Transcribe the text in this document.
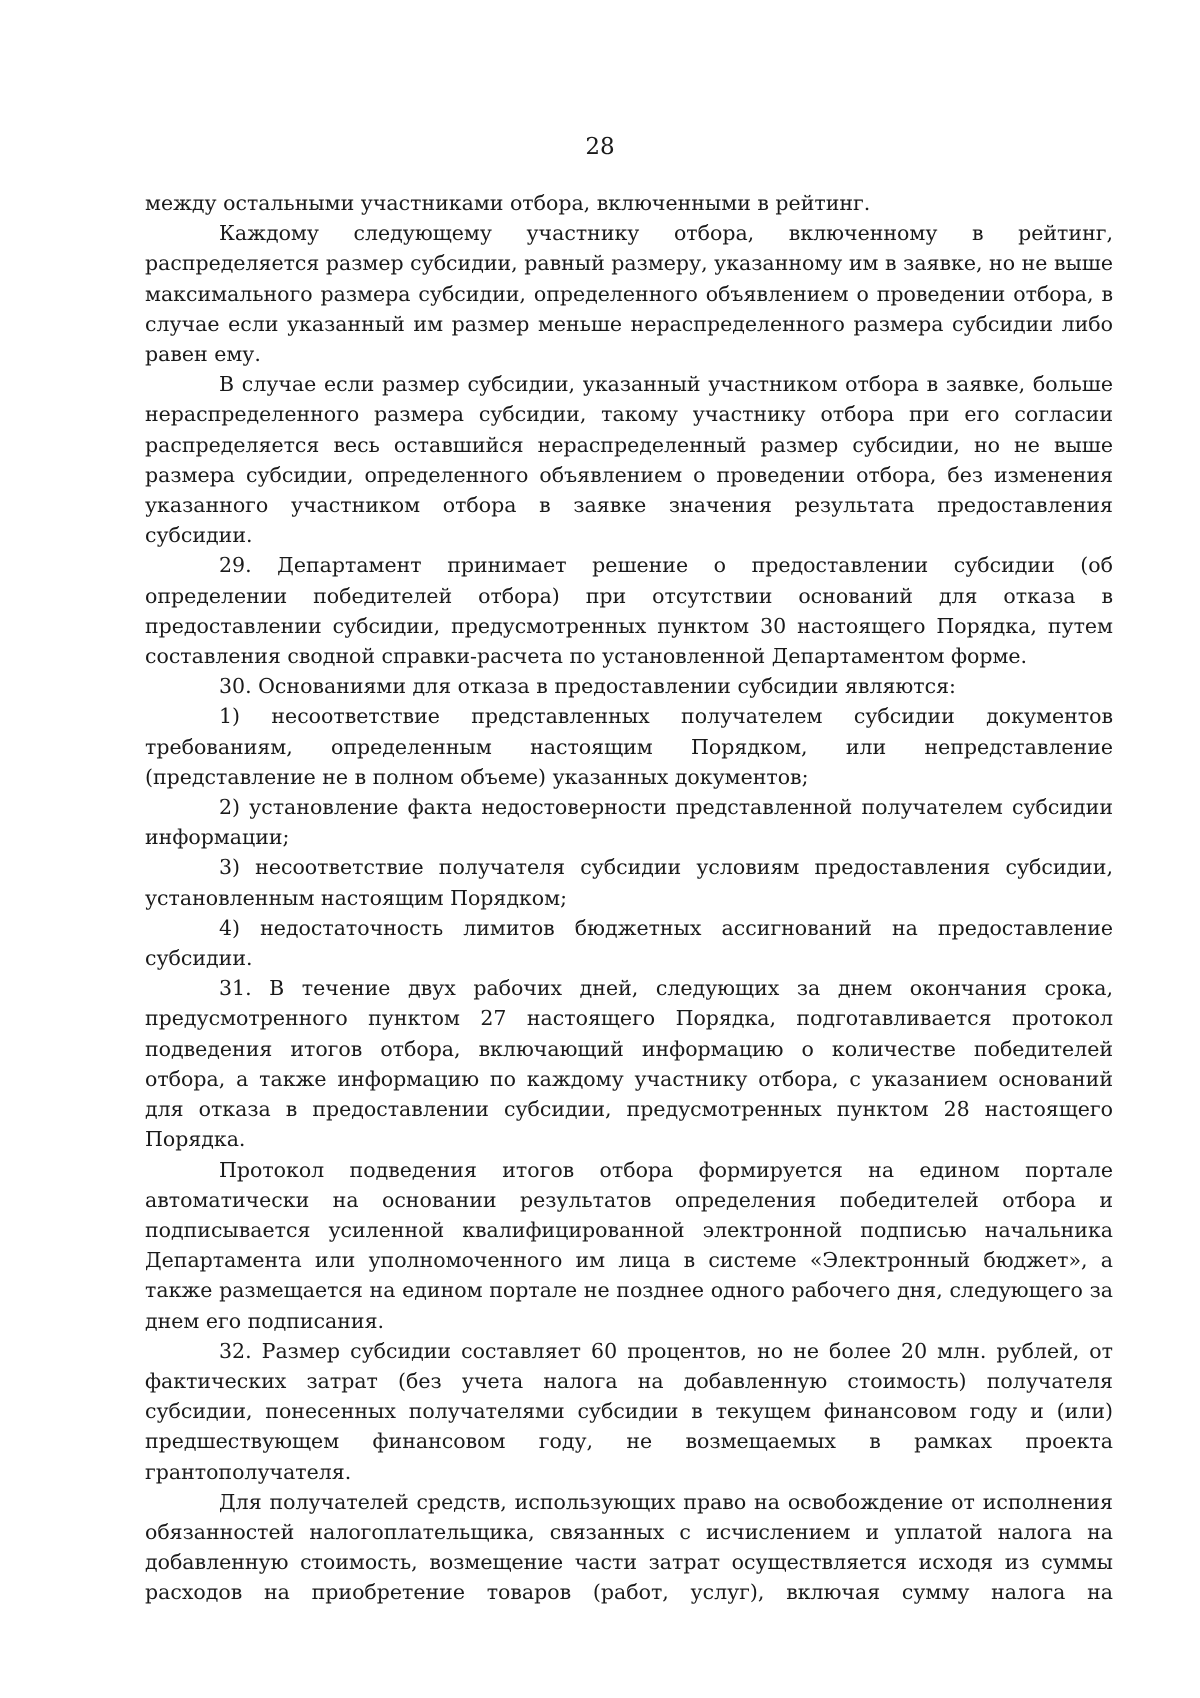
28

между остальными участниками отбора, включенными в рейтинг.

Каждому следующему участнику отбора, включенному в рейтинг, распределяется размер субсидии, равный размеру, указанному им в заявке, но не выше максимального размера субсидии, определенного объявлением о проведении отбора, в случае если указанный им размер меньше нераспределенного размера субсидии либо равен ему.

В случае если размер субсидии, указанный участником отбора в заявке, больше нераспределенного размера субсидии, такому участнику отбора при его согласии распределяется весь оставшийся нераспределенный размер субсидии, но не выше размера субсидии, определенного объявлением о проведении отбора, без изменения указанного участником отбора в заявке значения результата предоставления субсидии.

29. Департамент принимает решение о предоставлении субсидии (об определении победителей отбора) при отсутствии оснований для отказа в предоставлении субсидии, предусмотренных пунктом 30 настоящего Порядка, путем составления сводной справки-расчета по установленной Департаментом форме.

30. Основаниями для отказа в предоставлении субсидии являются:

1) несоответствие представленных получателем субсидии документов требованиям, определенным настоящим Порядком, или непредставление (представление не в полном объеме) указанных документов;

2) установление факта недостоверности представленной получателем субсидии информации;

3) несоответствие получателя субсидии условиям предоставления субсидии, установленным настоящим Порядком;

4) недостаточность лимитов бюджетных ассигнований на предоставление субсидии.

31. В течение двух рабочих дней, следующих за днем окончания срока, предусмотренного пунктом 27 настоящего Порядка, подготавливается протокол подведения итогов отбора, включающий информацию о количестве победителей отбора, а также информацию по каждому участнику отбора, с указанием оснований для отказа в предоставлении субсидии, предусмотренных пунктом 28 настоящего Порядка.

Протокол подведения итогов отбора формируется на едином портале автоматически на основании результатов определения победителей отбора и подписывается усиленной квалифицированной электронной подписью начальника Департамента или уполномоченного им лица в системе «Электронный бюджет», а также размещается на едином портале не позднее одного рабочего дня, следующего за днем его подписания.

32. Размер субсидии составляет 60 процентов, но не более 20 млн. рублей, от фактических затрат (без учета налога на добавленную стоимость) получателя субсидии, понесенных получателями субсидии в текущем финансовом году и (или) предшествующем финансовом году, не возмещаемых в рамках проекта грантополучателя.

Для получателей средств, использующих право на освобождение от исполнения обязанностей налогоплательщика, связанных с исчислением и уплатой налога на добавленную стоимость, возмещение части затрат осуществляется исходя из суммы расходов на приобретение товаров (работ, услуг), включая сумму налога на
